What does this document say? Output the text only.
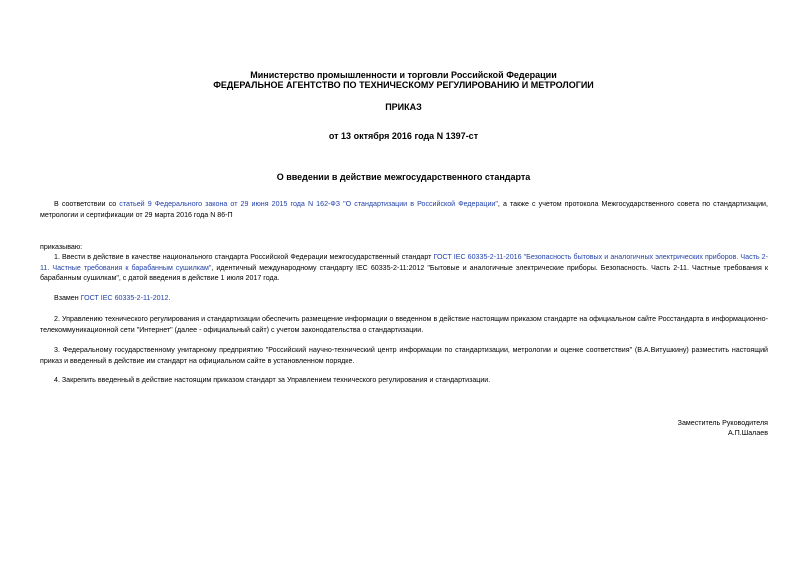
Министерство промышленности и торговли Российской Федерации
ФЕДЕРАЛЬНОЕ АГЕНТСТВО ПО ТЕХНИЧЕСКОМУ РЕГУЛИРОВАНИЮ И МЕТРОЛОГИИ
ПРИКАЗ
от 13 октября 2016 года N 1397-ст
О введении в действие межгосударственного стандарта

В соответствии со статьей 9 Федерального закона от 29 июня 2015 года N 162-ФЗ "О стандартизации в Российской Федерации", а также с учетом протокола Межгосударственного совета по стандартизации, метрологии и сертификации от 29 марта 2016 года N 86-П

приказываю:

1. Ввести в действие в качестве национального стандарта Российской Федерации межгосударственный стандарт ГОСТ IEC 60335-2-11-2016 "Безопасность бытовых и аналогичных электрических приборов. Часть 2-11. Частные требования к барабанным сушилкам", идентичный международному стандарту IEC 60335-2-11:2012 "Бытовые и аналогичные электрические приборы. Безопасность. Часть 2-11. Частные требования к барабанным сушилкам", с датой введения в действие 1 июля 2017 года.

Взамен ГОСТ IEC 60335-2-11-2012.

2. Управлению технического регулирования и стандартизации обеспечить размещение информации о введенном в действие настоящим приказом стандарте на официальном сайте Росстандарта в информационно-телекоммуникационной сети "Интернет" (далее - официальный сайт) с учетом законодательства о стандартизации.

3. Федеральному государственному унитарному предприятию "Российский научно-технический центр информации по стандартизации, метрологии и оценке соответствия" (В.А.Витушкину) разместить настоящий приказ и введенный в действие им стандарт на официальном сайте в установленном порядке.

4. Закрепить введенный в действие настоящим приказом стандарт за Управлением технического регулирования и стандартизации.

Заместитель Руководителя
А.П.Шалаев
